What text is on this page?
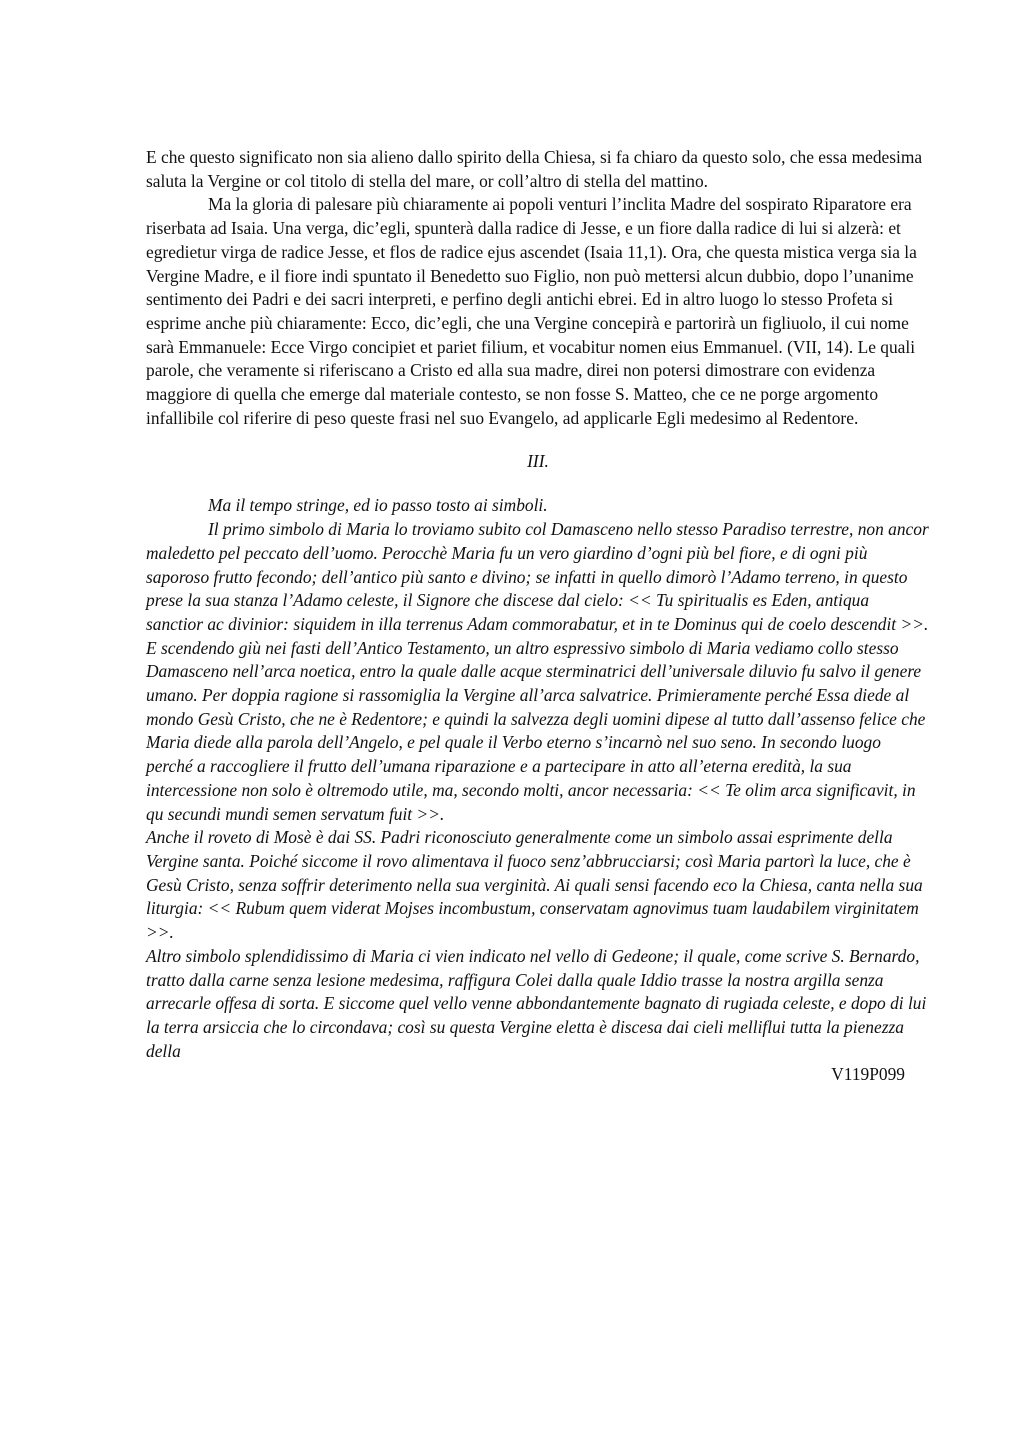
E che questo significato non sia alieno dallo spirito della Chiesa, si fa chiaro da questo solo, che essa medesima saluta la Vergine or col titolo di stella del mare, or coll’altro di stella del mattino.

Ma la gloria di palesare più chiaramente ai popoli venturi l’inclita Madre del sospirato Riparatore era riserbata ad Isaia. Una verga, dic’egli, spunterà dalla radice di Jesse, e un fiore dalla radice di lui si alzerà: et egredietur virga de radice Jesse, et flos de radice ejus ascendet (Isaia 11,1). Ora, che questa mistica verga sia la Vergine Madre, e il fiore indi spuntato il Benedetto suo Figlio, non può mettersi alcun dubbio, dopo l’unanime sentimento dei Padri e dei sacri interpreti, e perfino degli antichi ebrei. Ed in altro luogo lo stesso Profeta si esprime anche più chiaramente: Ecco, dic’egli, che una Vergine concepirà e partorirà un figliuolo, il cui nome sarà Emmanuele: Ecce Virgo concipiet et pariet filium, et vocabitur nomen eius Emmanuel. (VII, 14). Le quali parole, che veramente si riferiscano a Cristo ed alla sua madre, direi non potersi dimostrare con evidenza maggiore di quella che emerge dal materiale contesto, se non fosse S. Matteo, che ce ne porge argomento infallibile col riferire di peso queste frasi nel suo Evangelo, ad applicarle Egli medesimo al Redentore.

III.

Ma il tempo stringe, ed io passo tosto ai simboli.

Il primo simbolo di Maria lo troviamo subito col Damasceno nello stesso Paradiso terrestre, non ancor maledetto pel peccato dell’uomo. Perocchè Maria fu un vero giardino d’ogni più bel fiore, e di ogni più saporoso frutto fecondo; dell’antico più santo e divino; se infatti in quello dimorò l’Adamo terreno, in questo prese la sua stanza l’Adamo celeste, il Signore che discese dal cielo: << Tu spiritualis es Eden, antiqua sanctior ac divinior: siquidem in illa terrenus Adam commorabatur, et in te Dominus qui de coelo descendit >>.

E scendendo giù nei fasti dell’Antico Testamento, un altro espressivo simbolo di Maria vediamo collo stesso Damasceno nell’arca noetica, entro la quale dalle acque sterminatrici dell’universale diluvio fu salvo il genere umano. Per doppia ragione si rassomiglia la Vergine all’arca salvatrice. Primieramente perché Essa diede al mondo Gesù Cristo, che ne è Redentore; e quindi la salvezza degli uomini dipese al tutto dall’assenso felice che Maria diede alla parola dell’Angelo, e pel quale il Verbo eterno s’incarnò nel suo seno. In secondo luogo perché a raccogliere il frutto dell’umana riparazione e a partecipare in atto all’eterna eredità, la sua intercessione non solo è oltremodo utile, ma, secondo molti, ancor necessaria: << Te olim arca significavit, in qu secundi mundi semen servatum fuit >>.

Anche il roveto di Mosè è dai SS. Padri riconosciuto generalmente come un simbolo assai esprimente della Vergine santa. Poiché siccome il rovo alimentava il fuoco senz’abbrucciarsi; così Maria partorì la luce, che è Gesù Cristo, senza soffrir deterimento nella sua verginità. Ai quali sensi facendo eco la Chiesa, canta nella sua liturgia: << Rubum quem viderat Mojses incombustum, conservatam agnovimus tuam laudabilem virginitatem >>.

Altro simbolo splendidissimo di Maria ci vien indicato nel vello di Gedeone; il quale, come scrive S. Bernardo, tratto dalla carne senza lesione medesima, raffigura Colei dalla quale Iddio trasse la nostra argilla senza arrecarle offesa di sorta. E siccome quel vello venne abbondantemente bagnato di rugiada celeste, e dopo di lui la terra arsiccia che lo circondava; così su questa Vergine eletta è discesa dai cieli melliflui tutta la pienezza della

V119P099
